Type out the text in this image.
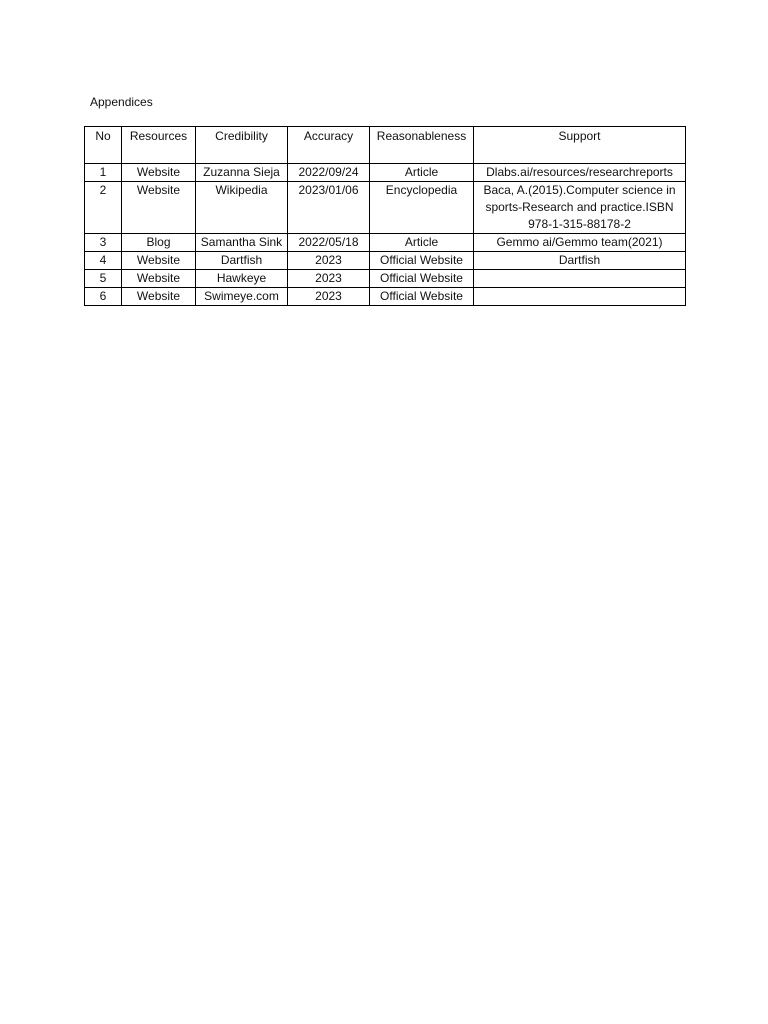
Appendices
No	Resources	Credibility	Accuracy	Reasonableness	Support
1	Website	Zuzanna Sieja	2022/09/24	Article	Dlabs.ai/resources/researchreports
2	Website	Wikipedia	2023/01/06	Encyclopedia	Baca, A.(2015).Computer science in sports-Research and practice.ISBN 978-1-315-88178-2
3	Blog	Samantha Sink	2022/05/18	Article	Gemmo ai/Gemmo team(2021)
4	Website	Dartfish	2023	Official Website	Dartfish
5	Website	Hawkeye	2023	Official Website	
6	Website	Swimeye.com	2023	Official Website	
